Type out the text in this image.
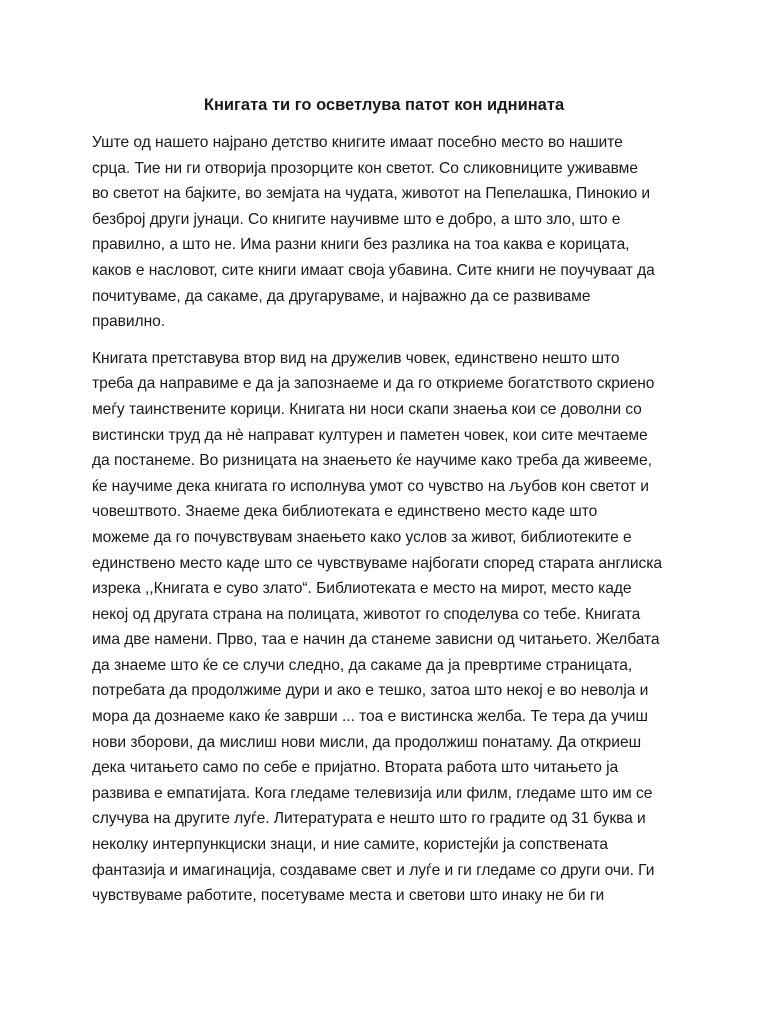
Книгата ти го осветлува патот кон иднината

Уште од нашето најрано детство книгите имаат посебно место во нашите
срца. Тие ни ги отворија прозорците кон светот. Со сликовниците уживавме
во светот на бајките, во земјата на чудата, животот на Пепелашка, Пинокио и
безброј други јунаци. Со книгите научивме што е добро, а што зло, што е
правилно, а што не. Има разни книги без разлика на тоа каква е корицата,
каков е насловот, сите книги имаат своја убавина. Сите книги не поучуваат да
почитуваме, да сакаме, да другаруваме, и најважно да се развиваме
правилно.

Книгата претставува втор вид на дружелив човек, единствено нешто што
треба да направиме е да ја запознаеме и да го откриеме богатството скриено
меѓу таинствените корици. Книгата ни носи скапи знаења кои се доволни со
вистински труд да нè направат културен и паметен човек, кои сите мечтаеме
да постанеме. Во ризницата на знаењето ќе научиме како треба да живееме,
ќе научиме дека книгата го исполнува умот со чувство на љубов кон светот и
човештвото. Знаеме дека библиотеката е единствено место каде што
можеме да го почувствувам знаењето како услов за живот, библиотеките е
единствено место каде што се чувствуваме најбогати според старата англиска
изрека ,,Книгата е суво злато“. Библиотеката е место на мирот, место каде
некој од другата страна на полицата, животот го споделува со тебе. Книгата
има две намени. Прво, таа е начин да станеме зависни од читањето. Желбата
да знаеме што ќе се случи следно, да сакаме да ја превртиме страницата,
потребата да продолжиме дури и ако е тешко, затоа што некој е во неволја и
мора да дознаеме како ќе заврши ... тоа е вистинска желба. Те тера да учиш
нови зборови, да мислиш нови мисли, да продолжиш понатаму. Да откриеш
дека читањето само по себе е пријатно. Втората работа што читањето ја
развива е емпатијата. Кога гледаме телевизија или филм, гледаме што им се
случува на другите луѓе. Литературата е нешто што го градите од 31 буква и
неколку интерпункциски знаци, и ние самите, користејќи ја сопствената
фантазија и имагинација, создаваме свет и луѓе и ги гледаме со други очи. Ги
чувствуваме работите, посетуваме места и светови што инаку не би ги
